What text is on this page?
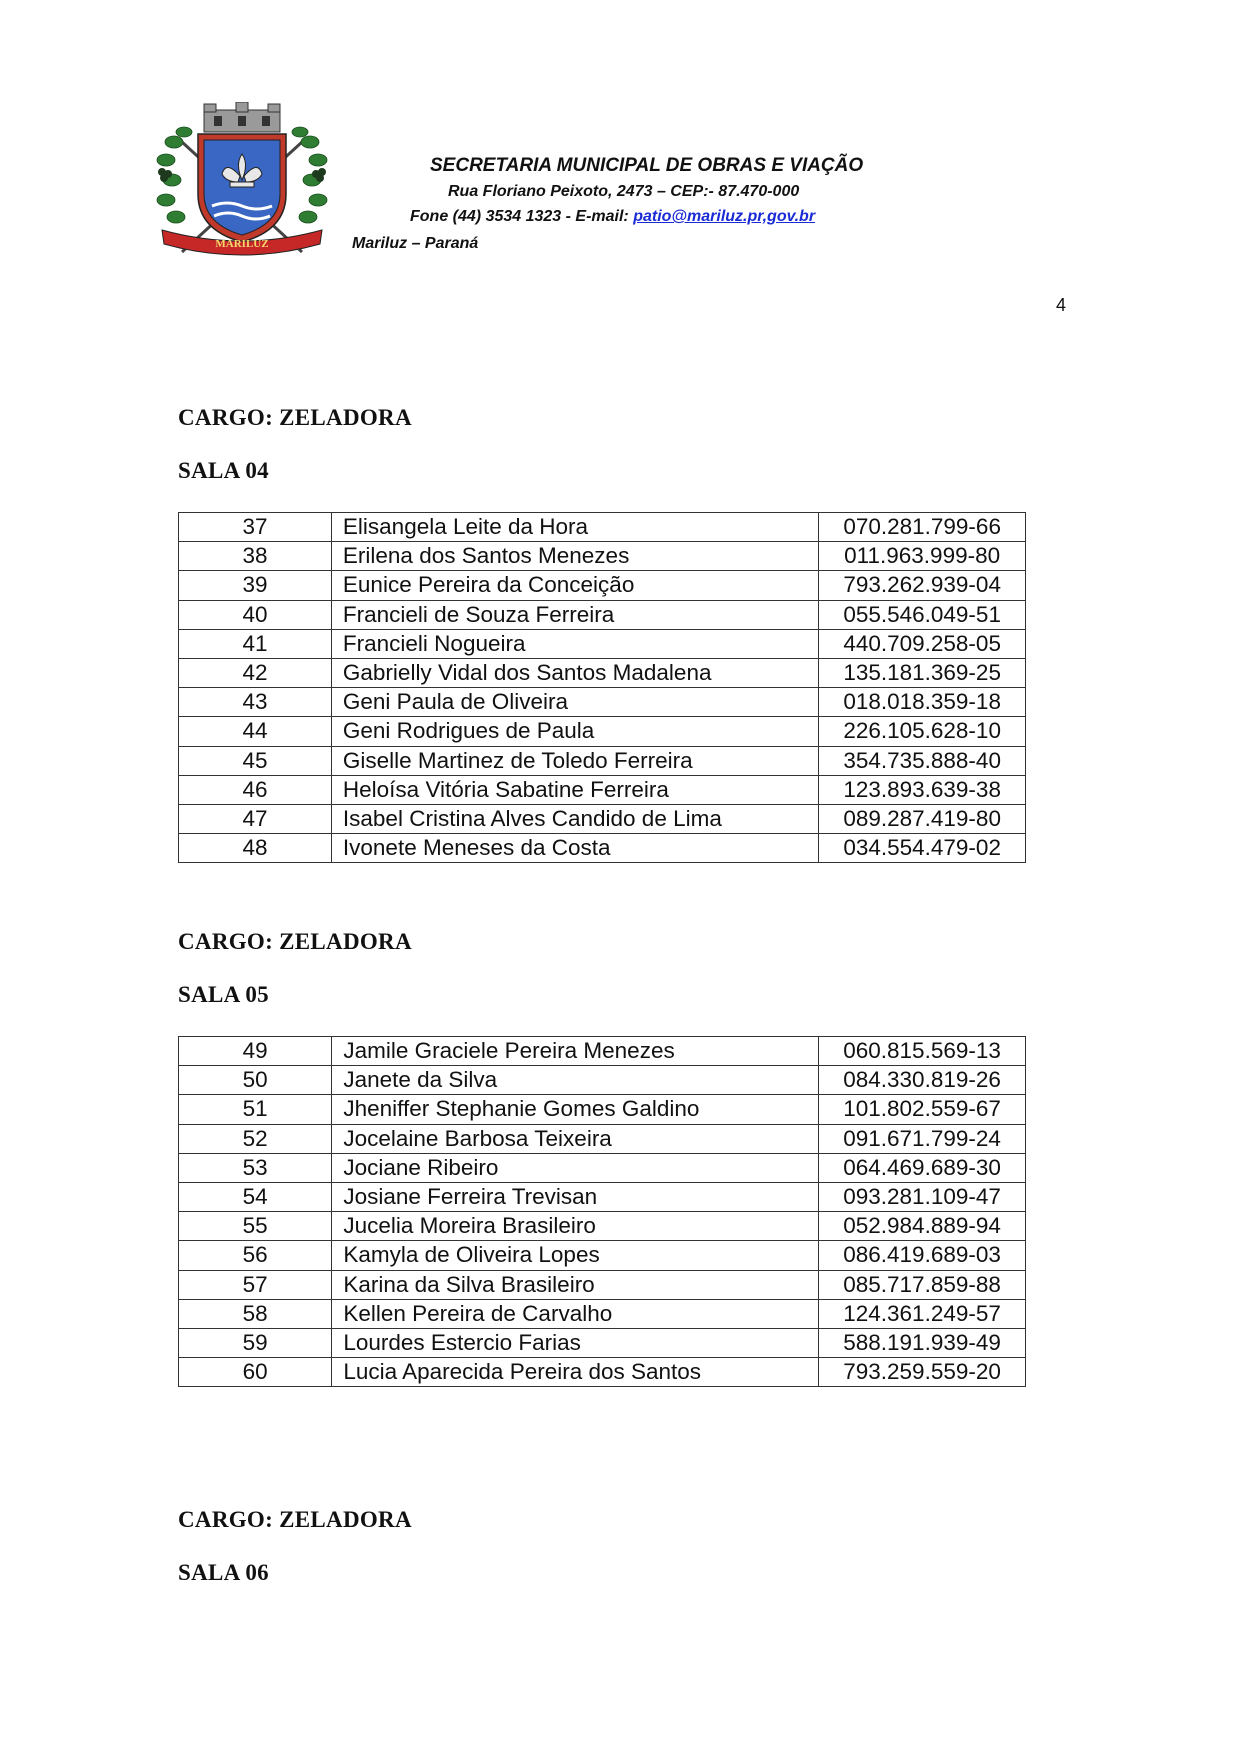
MARILUZ
SECRETARIA MUNICIPAL DE OBRAS E VIAÇÃO
Rua Floriano Peixoto, 2473 – CEP:- 87.470-000
Fone (44) 3534 1323 - E-mail: patio@mariluz.pr,gov.br
Mariluz – Paraná
4
CARGO: ZELADORA
SALA 04
37	Elisangela Leite da Hora	070.281.799-66
38	Erilena dos Santos Menezes	011.963.999-80
39	Eunice Pereira da Conceição	793.262.939-04
40	Francieli de Souza Ferreira	055.546.049-51
41	Francieli Nogueira	440.709.258-05
42	Gabrielly Vidal dos Santos Madalena	135.181.369-25
43	Geni Paula de Oliveira	018.018.359-18
44	Geni Rodrigues de Paula	226.105.628-10
45	Giselle Martinez de Toledo Ferreira	354.735.888-40
46	Heloísa Vitória Sabatine Ferreira	123.893.639-38
47	Isabel Cristina Alves Candido de Lima	089.287.419-80
48	Ivonete Meneses da Costa	034.554.479-02
CARGO: ZELADORA
SALA 05
49	Jamile Graciele Pereira Menezes	060.815.569-13
50	Janete da Silva	084.330.819-26
51	Jheniffer Stephanie Gomes Galdino	101.802.559-67
52	Jocelaine Barbosa Teixeira	091.671.799-24
53	Jociane Ribeiro	064.469.689-30
54	Josiane Ferreira Trevisan	093.281.109-47
55	Jucelia Moreira Brasileiro	052.984.889-94
56	Kamyla de Oliveira Lopes	086.419.689-03
57	Karina da Silva Brasileiro	085.717.859-88
58	Kellen Pereira de Carvalho	124.361.249-57
59	Lourdes Estercio Farias	588.191.939-49
60	Lucia Aparecida Pereira dos Santos	793.259.559-20
CARGO: ZELADORA
SALA 06
